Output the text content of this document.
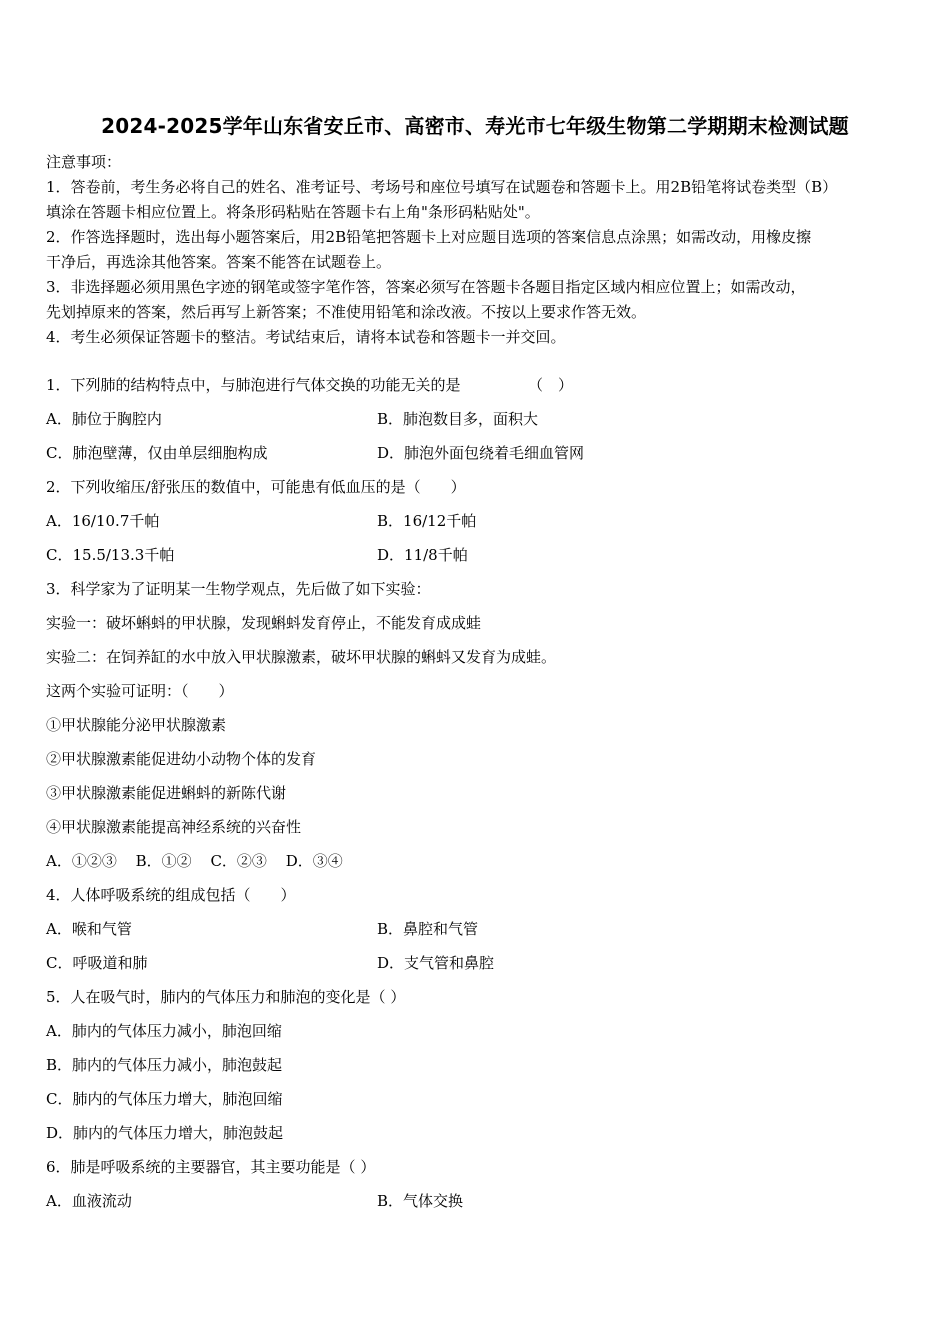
2024-2025学年山东省安丘市、高密市、寿光市七年级生物第二学期期末检测试题
注意事项：
1．答卷前，考生务必将自己的姓名、准考证号、考场号和座位号填写在试题卷和答题卡上。用2B铅笔将试卷类型（B）
填涂在答题卡相应位置上。将条形码粘贴在答题卡右上角"条形码粘贴处"。
2．作答选择题时，选出每小题答案后，用2B铅笔把答题卡上对应题目选项的答案信息点涂黑；如需改动，用橡皮擦
干净后，再选涂其他答案。答案不能答在试题卷上。
3．非选择题必须用黑色字迹的钢笔或签字笔作答，答案必须写在答题卡各题目指定区域内相应位置上；如需改动，
先划掉原来的答案，然后再写上新答案；不准使用铅笔和涂改液。不按以上要求作答无效。
4．考生必须保证答题卡的整洁。考试结束后，请将本试卷和答题卡一并交回。
1．下列肺的结构特点中，与肺泡进行气体交换的功能无关的是　　　　　（　）
A．肺位于胸腔内	B．肺泡数目多，面积大
C．肺泡壁薄，仅由单层细胞构成	D．肺泡外面包绕着毛细血管网
2．下列收缩压/舒张压的数值中，可能患有低血压的是（　　）
A．16/10.7千帕	B．16/12千帕
C．15.5/13.3千帕	D．11/8千帕
3．科学家为了证明某一生物学观点，先后做了如下实验：
实验一：破坏蝌蚪的甲状腺，发现蝌蚪发育停止，不能发育成成蛙
实验二：在饲养缸的水中放入甲状腺激素，破坏甲状腺的蝌蚪又发育为成蛙。
这两个实验可证明：（　　）
①甲状腺能分泌甲状腺激素
②甲状腺激素能促进幼小动物个体的发育
③甲状腺激素能促进蝌蚪的新陈代谢
④甲状腺激素能提高神经系统的兴奋性
A．①②③ B．①② C．②③ D．③④
4．人体呼吸系统的组成包括（　　）
A．喉和气管	B．鼻腔和气管
C．呼吸道和肺	D．支气管和鼻腔
5．人在吸气时，肺内的气体压力和肺泡的变化是（ ）
A．肺内的气体压力减小，肺泡回缩
B．肺内的气体压力减小，肺泡鼓起
C．肺内的气体压力增大，肺泡回缩
D．肺内的气体压力增大，肺泡鼓起
6．肺是呼吸系统的主要器官，其主要功能是（ ）
A．血液流动	B．气体交换
